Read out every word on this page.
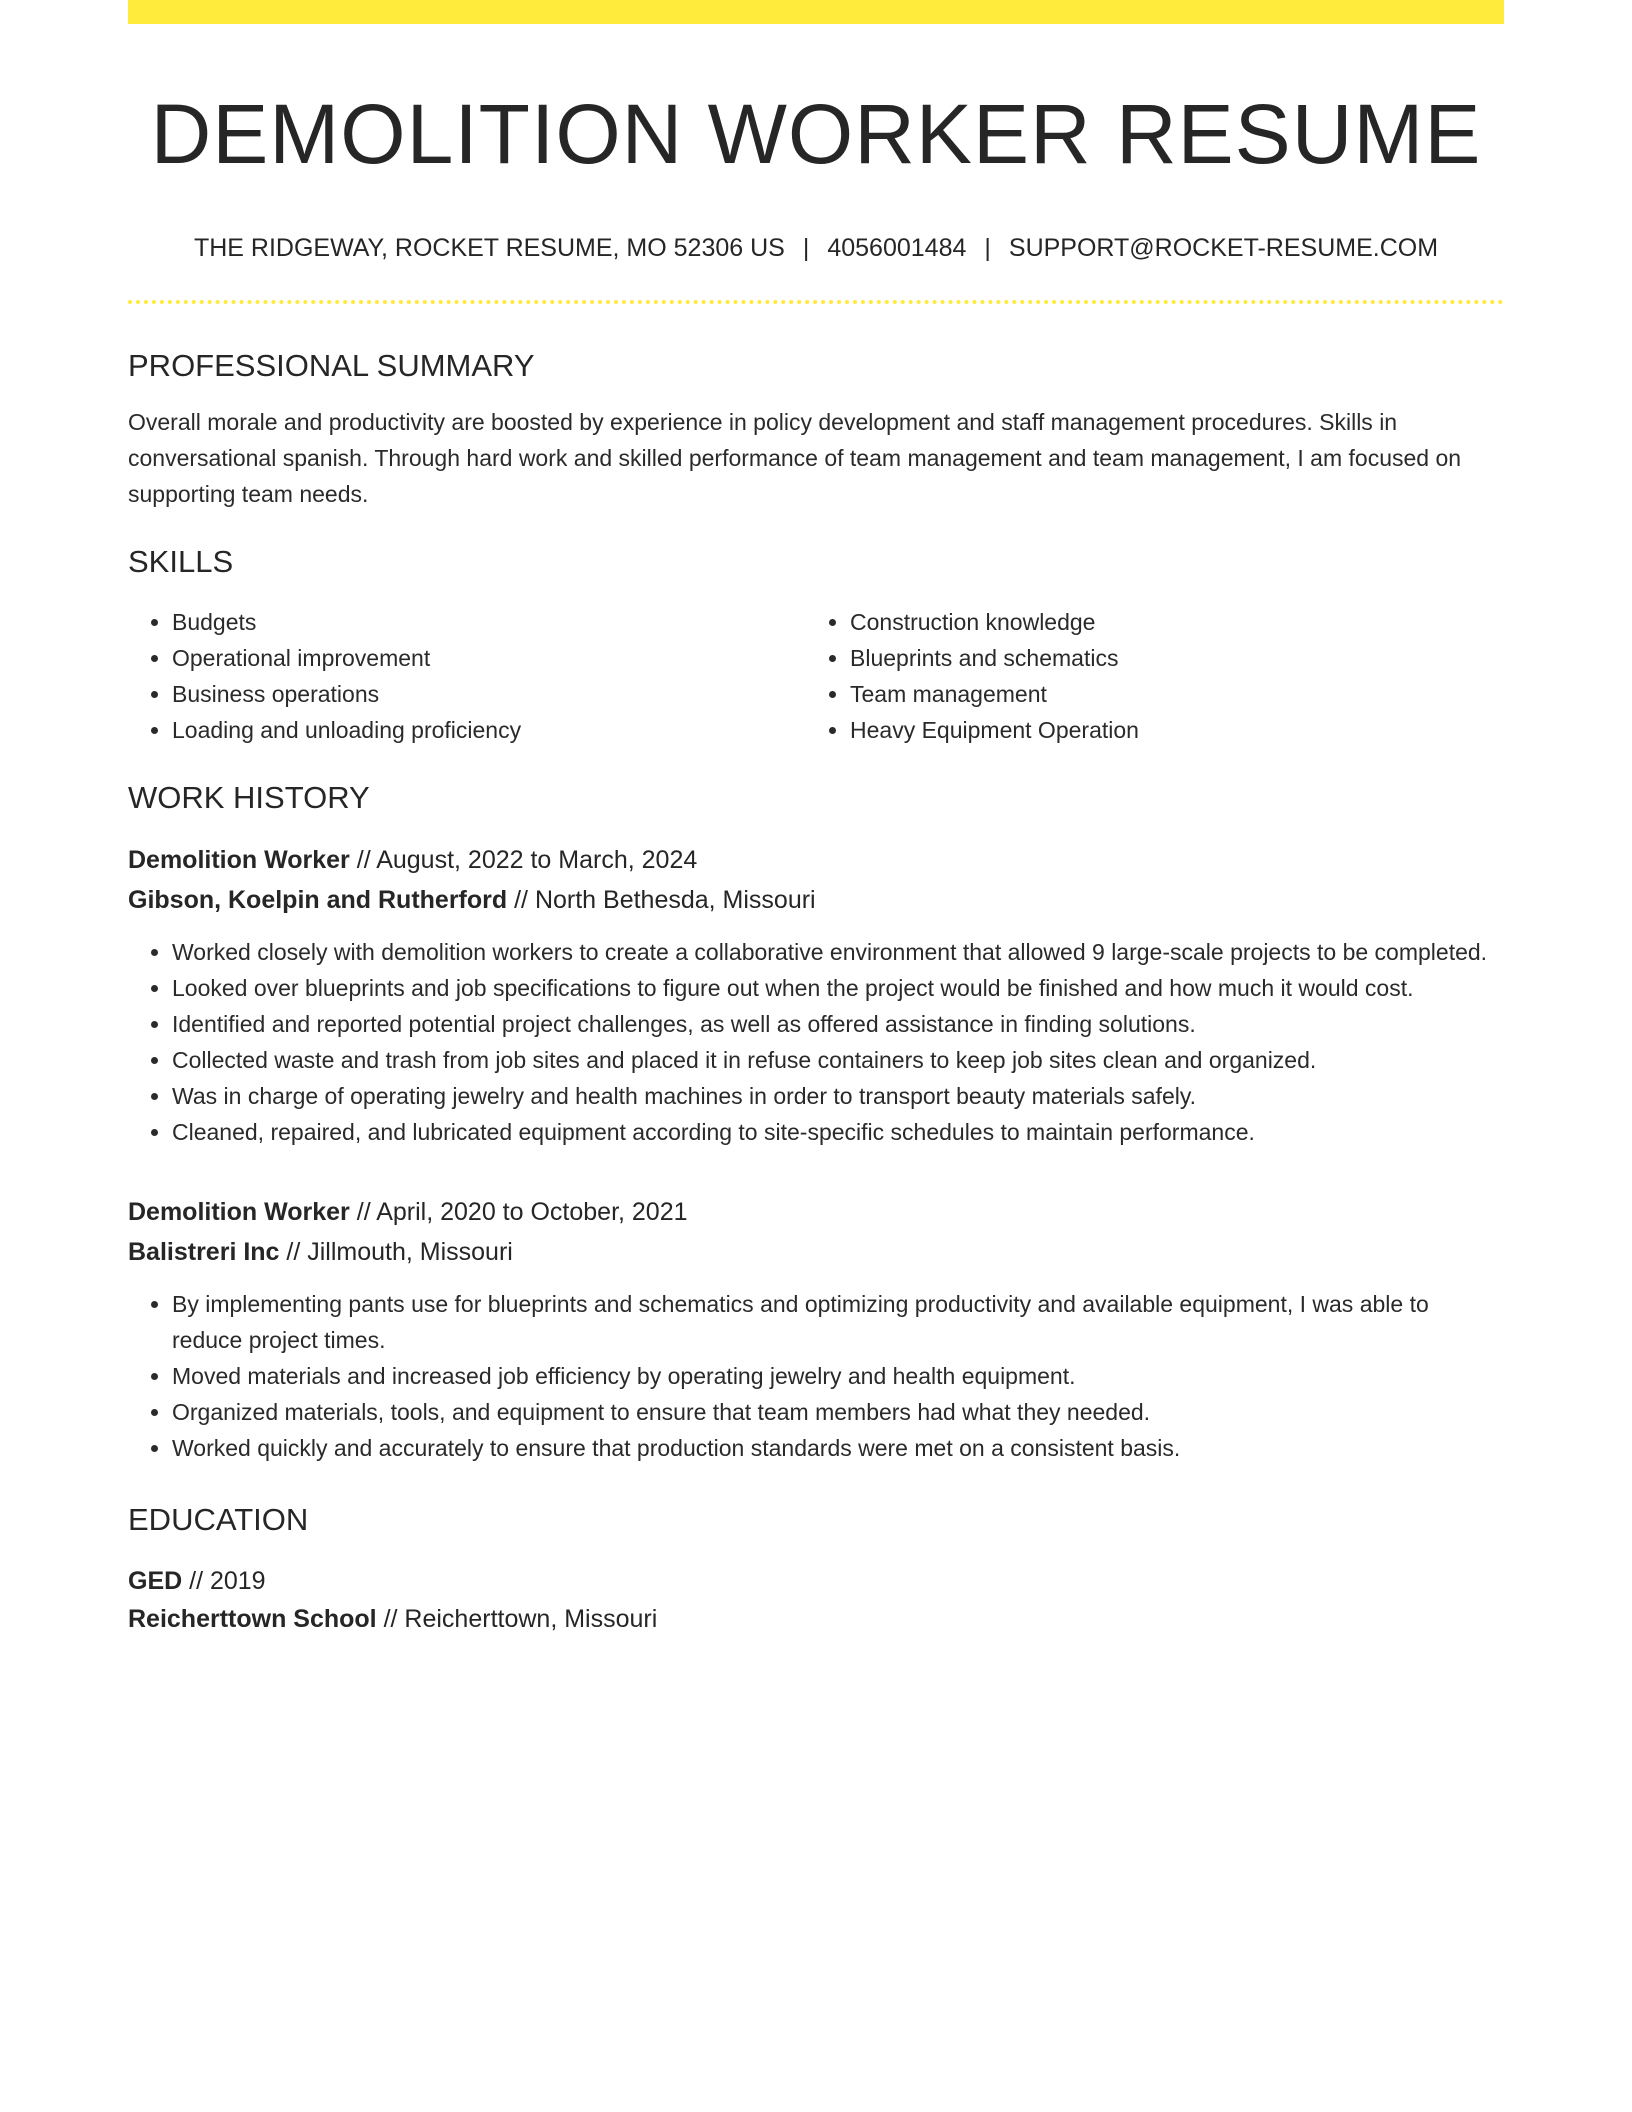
DEMOLITION WORKER RESUME
THE RIDGEWAY, ROCKET RESUME, MO 52306 US | 4056001484 | SUPPORT@ROCKET-RESUME.COM
PROFESSIONAL SUMMARY

Overall morale and productivity are boosted by experience in policy development and staff management procedures. Skills in conversational spanish. Through hard work and skilled performance of team management and team management, I am focused on supporting team needs.

SKILLS
• Budgets
• Operational improvement
• Business operations
• Loading and unloading proficiency
• Construction knowledge
• Blueprints and schematics
• Team management
• Heavy Equipment Operation
WORK HISTORY
Demolition Worker // August, 2022 to March, 2024
Gibson, Koelpin and Rutherford // North Bethesda, Missouri
• Worked closely with demolition workers to create a collaborative environment that allowed 9 large-scale projects to be completed.
• Looked over blueprints and job specifications to figure out when the project would be finished and how much it would cost.
• Identified and reported potential project challenges, as well as offered assistance in finding solutions.
• Collected waste and trash from job sites and placed it in refuse containers to keep job sites clean and organized.
• Was in charge of operating jewelry and health machines in order to transport beauty materials safely.
• Cleaned, repaired, and lubricated equipment according to site-specific schedules to maintain performance.
Demolition Worker // April, 2020 to October, 2021
Balistreri Inc // Jillmouth, Missouri
• By implementing pants use for blueprints and schematics and optimizing productivity and available equipment, I was able to reduce project times.
• Moved materials and increased job efficiency by operating jewelry and health equipment.
• Organized materials, tools, and equipment to ensure that team members had what they needed.
• Worked quickly and accurately to ensure that production standards were met on a consistent basis.
EDUCATION
GED // 2019
Reicherttown School // Reicherttown, Missouri
